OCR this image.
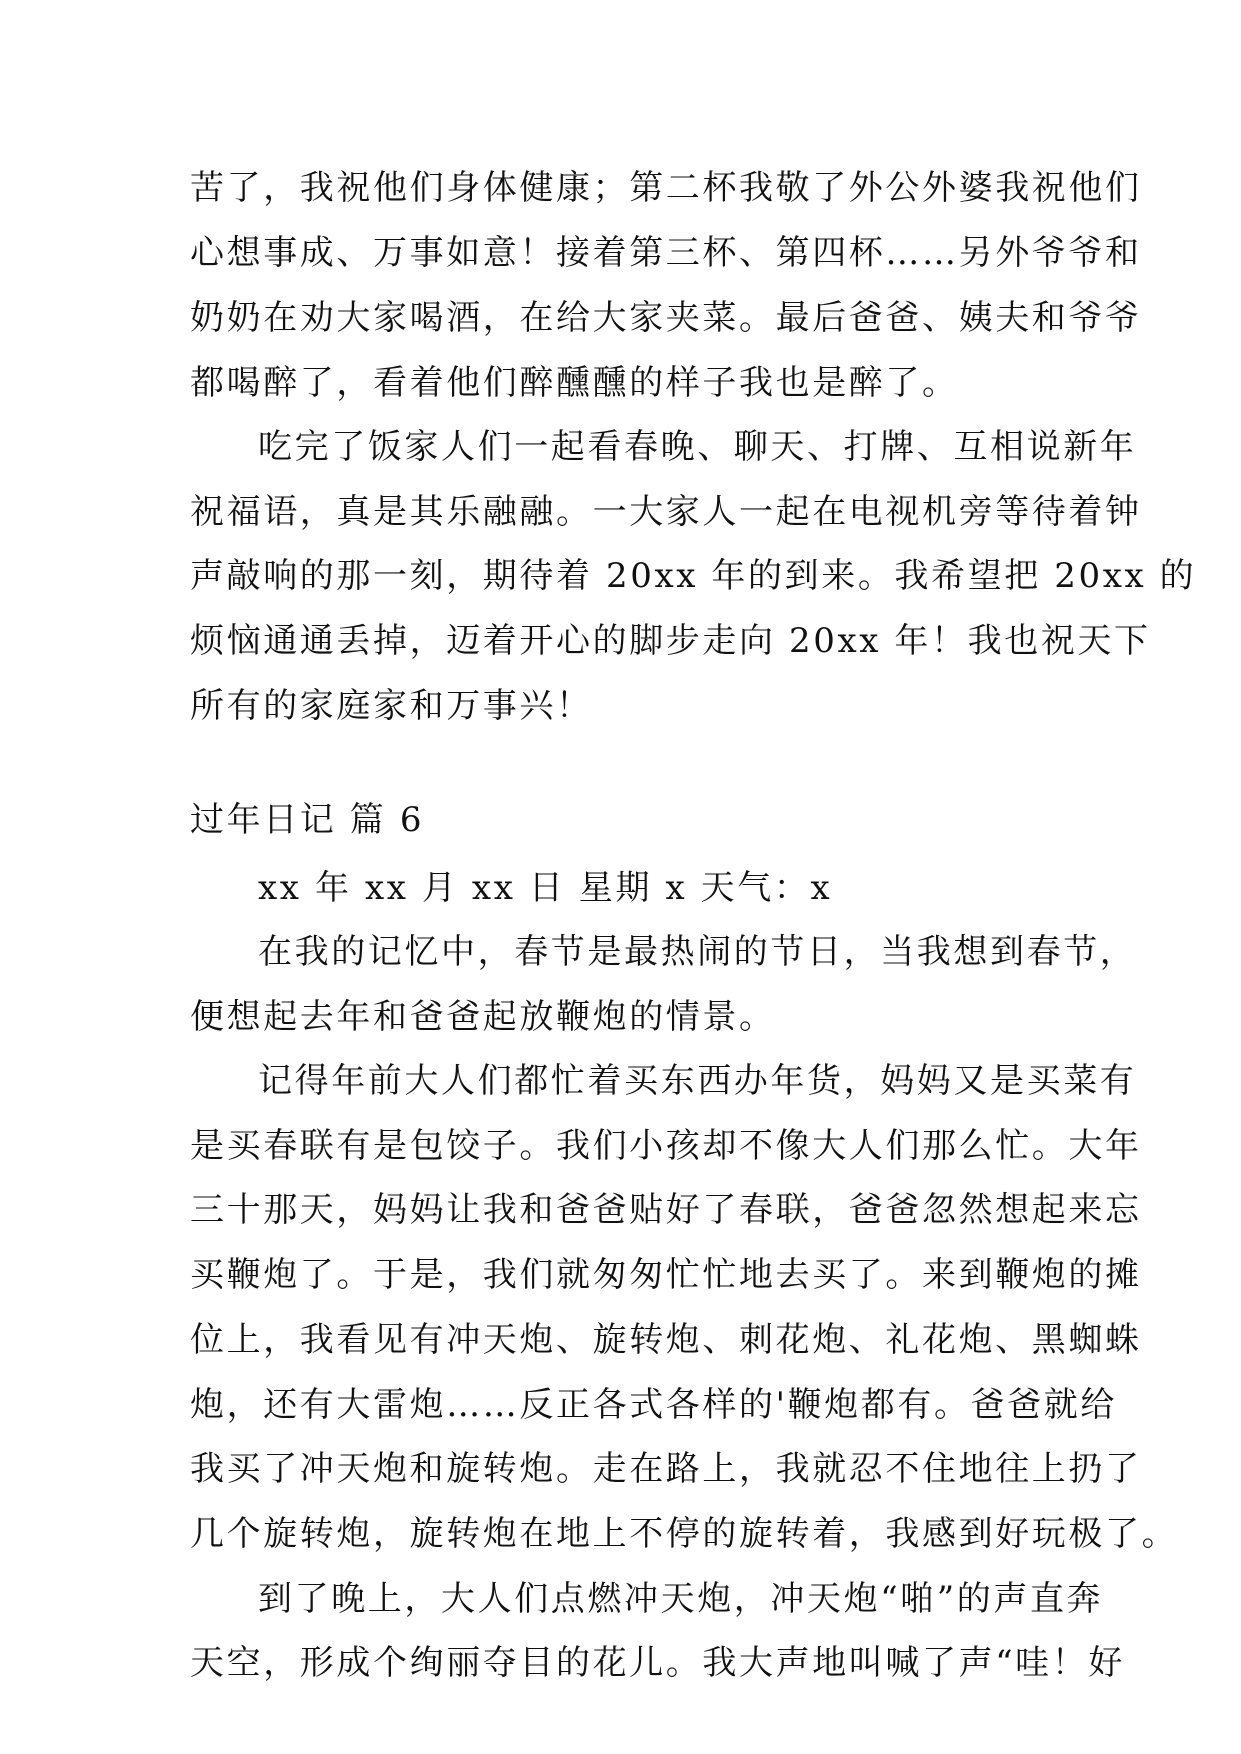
苦了，我祝他们身体健康；第二杯我敬了外公外婆我祝他们
心想事成、万事如意！接着第三杯、第四杯……另外爷爷和
奶奶在劝大家喝酒，在给大家夹菜。最后爸爸、姨夫和爷爷
都喝醉了，看着他们醉醺醺的样子我也是醉了。
吃完了饭家人们一起看春晚、聊天、打牌、互相说新年
祝福语，真是其乐融融。一大家人一起在电视机旁等待着钟
声敲响的那一刻，期待着 20xx 年的到来。我希望把 20xx 的
烦恼通通丢掉，迈着开心的脚步走向 20xx 年！我也祝天下
所有的家庭家和万事兴！
过年日记 篇 6
xx 年 xx 月 xx 日 星期 x 天气：x
在我的记忆中，春节是最热闹的节日，当我想到春节，
便想起去年和爸爸起放鞭炮的情景。
记得年前大人们都忙着买东西办年货，妈妈又是买菜有
是买春联有是包饺子。我们小孩却不像大人们那么忙。大年
三十那天，妈妈让我和爸爸贴好了春联，爸爸忽然想起来忘
买鞭炮了。于是，我们就匆匆忙忙地去买了。来到鞭炮的摊
位上，我看见有冲天炮、旋转炮、刺花炮、礼花炮、黑蜘蛛
炮，还有大雷炮……反正各式各样的'鞭炮都有。爸爸就给
我买了冲天炮和旋转炮。走在路上，我就忍不住地往上扔了
几个旋转炮，旋转炮在地上不停的旋转着，我感到好玩极了。
到了晚上，大人们点燃冲天炮，冲天炮“啪”的声直奔
天空，形成个绚丽夺目的花儿。我大声地叫喊了声“哇！好
